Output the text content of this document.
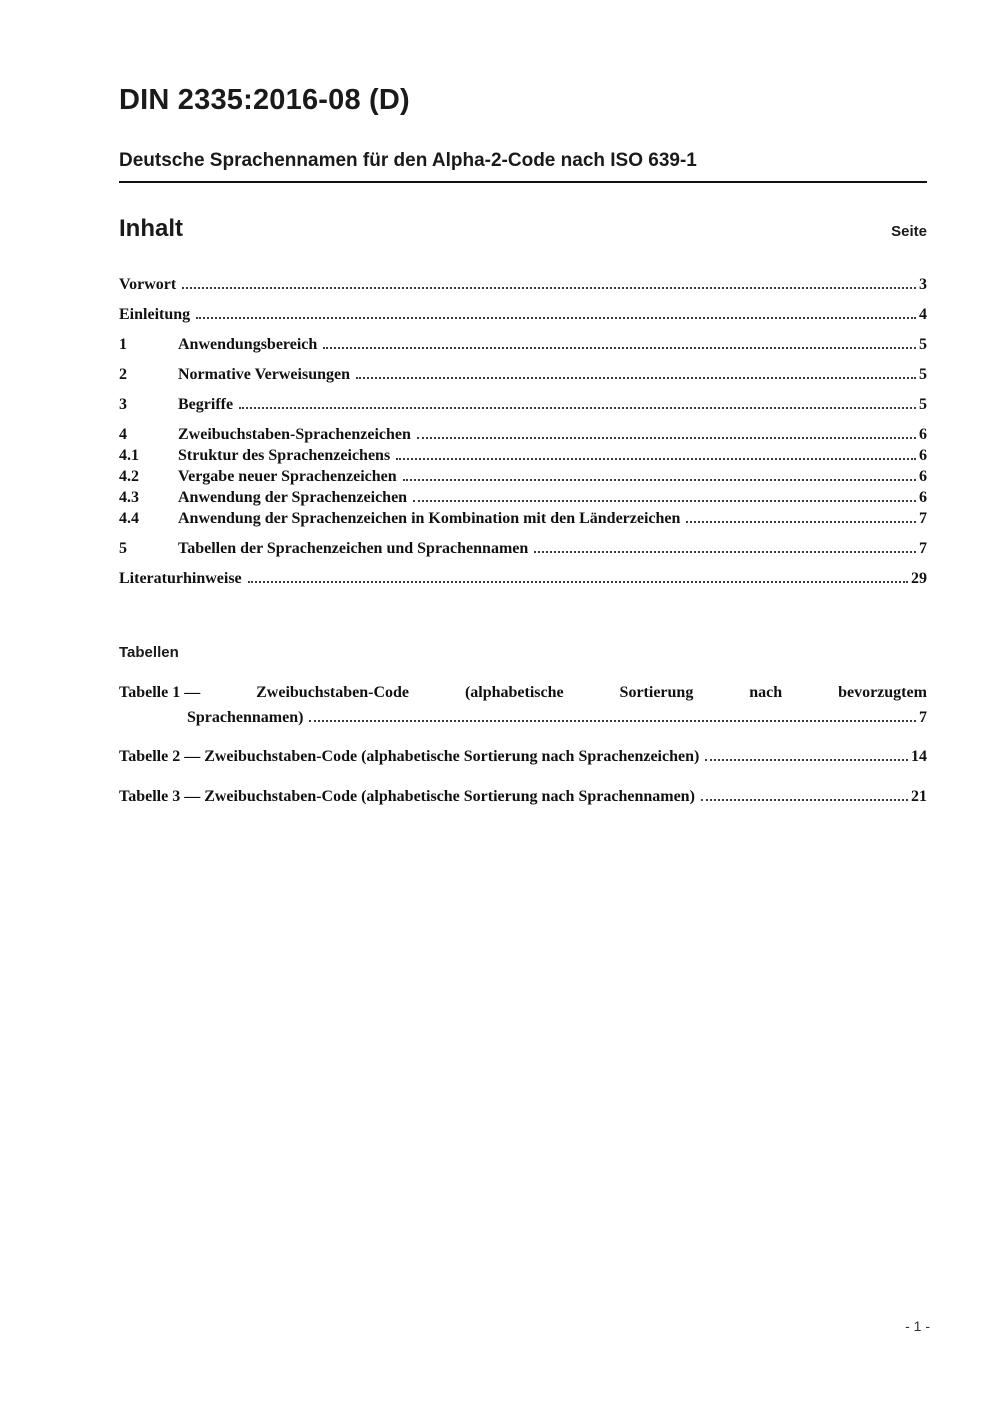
DIN 2335:2016-08 (D)
Deutsche Sprachennamen für den Alpha-2-Code nach ISO 639-1
Inhalt	Seite
Vorwort	3
Einleitung	4
1	Anwendungsbereich	5
2	Normative Verweisungen	5
3	Begriffe	5
4	Zweibuchstaben-Sprachenzeichen	6
4.1	Struktur des Sprachenzeichens	6
4.2	Vergabe neuer Sprachenzeichen	6
4.3	Anwendung der Sprachenzeichen	6
4.4	Anwendung der Sprachenzeichen in Kombination mit den Länderzeichen	7
5	Tabellen der Sprachenzeichen und Sprachennamen	7
Literaturhinweise	29
Tabellen
Tabelle 1 —	Zweibuchstaben-Code	(alphabetische	Sortierung	nach	bevorzugtem
Sprachennamen)	7
Tabelle 2 — Zweibuchstaben-Code (alphabetische Sortierung nach Sprachenzeichen)	14
Tabelle 3 — Zweibuchstaben-Code (alphabetische Sortierung nach Sprachennamen)	21
- 1 -
